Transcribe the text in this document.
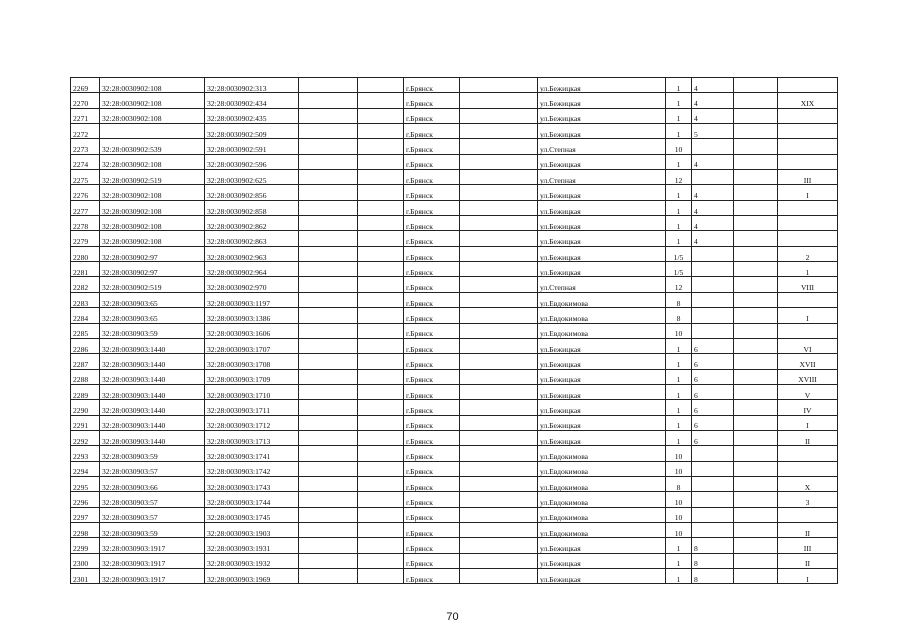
2269	32:28:0030902:108	32:28:0030902:313			г.Брянск		ул.Бежицкая	1	4		
2270	32:28:0030902:108	32:28:0030902:434			г.Брянск		ул.Бежицкая	1	4		XIX
2271	32:28:0030902:108	32:28:0030902:435			г.Брянск		ул.Бежицкая	1	4		
2272		32:28:0030902:509			г.Брянск		ул.Бежицкая	1	5		
2273	32:28:0030902:539	32:28:0030902:591			г.Брянск		ул.Степная	10			
2274	32:28:0030902:108	32:28:0030902:596			г.Брянск		ул.Бежицкая	1	4		
2275	32:28:0030902:519	32:28:0030902:625			г.Брянск		ул.Степная	12			III
2276	32:28:0030902:108	32:28:0030902:856			г.Брянск		ул.Бежицкая	1	4		I
2277	32:28:0030902:108	32:28:0030902:858			г.Брянск		ул.Бежицкая	1	4		
2278	32:28:0030902:108	32:28:0030902:862			г.Брянск		ул.Бежицкая	1	4		
2279	32:28:0030902:108	32:28:0030902:863			г.Брянск		ул.Бежицкая	1	4		
2280	32:28:0030902:97	32:28:0030902:963			г.Брянск		ул.Бежицкая	1/5			2
2281	32:28:0030902:97	32:28:0030902:964			г.Брянск		ул.Бежицкая	1/5			1
2282	32:28:0030902:519	32:28:0030902:970			г.Брянск		ул.Степная	12			VIII
2283	32:28:0030903:65	32:28:0030903:1197			г.Брянск		ул.Евдокимова	8			
2284	32:28:0030903:65	32:28:0030903:1386			г.Брянск		ул.Евдокимова	8			I
2285	32:28:0030903:59	32:28:0030903:1606			г.Брянск		ул.Евдокимова	10			
2286	32:28:0030903:1440	32:28:0030903:1707			г.Брянск		ул.Бежицкая	1	6		VI
2287	32:28:0030903:1440	32:28:0030903:1708			г.Брянск		ул.Бежицкая	1	6		XVII
2288	32:28:0030903:1440	32:28:0030903:1709			г.Брянск		ул.Бежицкая	1	6		XVIII
2289	32:28:0030903:1440	32:28:0030903:1710			г.Брянск		ул.Бежицкая	1	6		V
2290	32:28:0030903:1440	32:28:0030903:1711			г.Брянск		ул.Бежицкая	1	6		IV
2291	32:28:0030903:1440	32:28:0030903:1712			г.Брянск		ул.Бежицкая	1	6		I
2292	32:28:0030903:1440	32:28:0030903:1713			г.Брянск		ул.Бежицкая	1	6		II
2293	32:28:0030903:59	32:28:0030903:1741			г.Брянск		ул.Евдокимова	10			
2294	32:28:0030903:57	32:28:0030903:1742			г.Брянск		ул.Евдокимова	10			
2295	32:28:0030903:66	32:28:0030903:1743			г.Брянск		ул.Евдокимова	8			X
2296	32:28:0030903:57	32:28:0030903:1744			г.Брянск		ул.Евдокимова	10			3
2297	32:28:0030903:57	32:28:0030903:1745			г.Брянск		ул.Евдокимова	10			
2298	32:28:0030903:59	32:28:0030903:1903			г.Брянск		ул.Евдокимова	10			II
2299	32:28:0030903:1917	32:28:0030903:1931			г.Брянск		ул.Бежицкая	1	8		III
2300	32:28:0030903:1917	32:28:0030903:1932			г.Брянск		ул.Бежицкая	1	8		II
2301	32:28:0030903:1917	32:28:0030903:1969			г.Брянск		ул.Бежицкая	1	8		I
70
